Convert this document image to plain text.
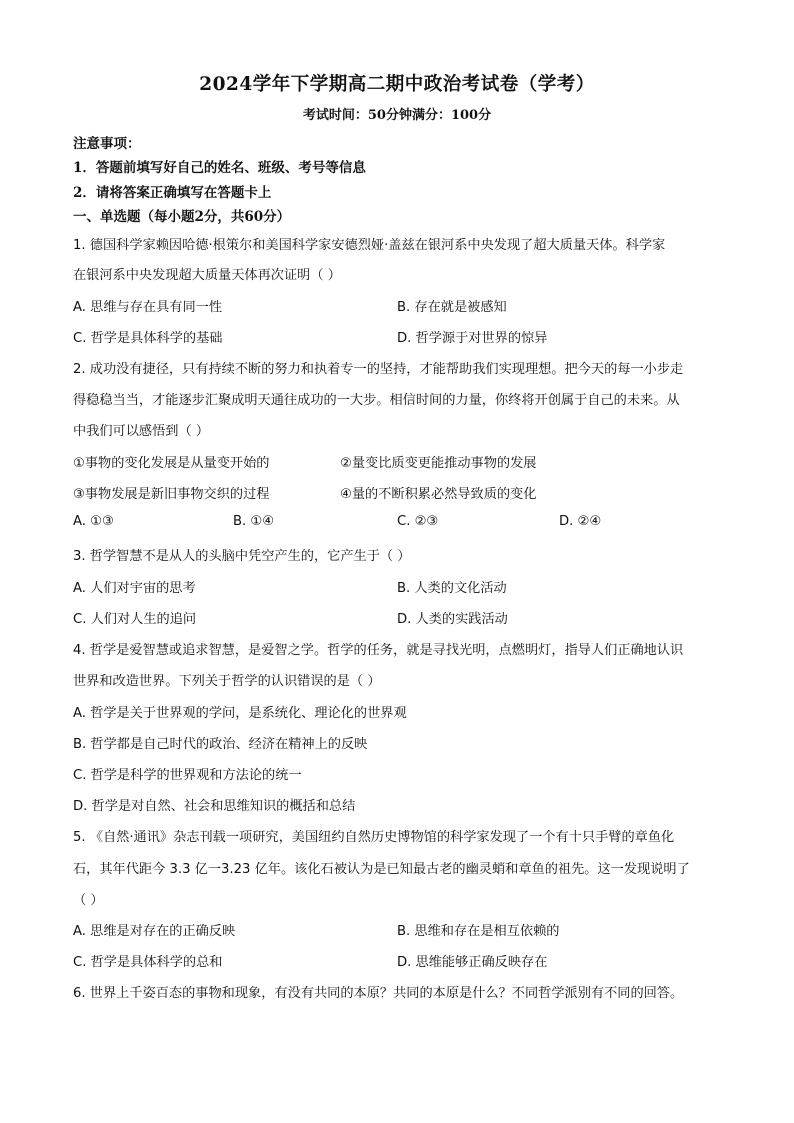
2024学年下学期高二期中政治考试卷（学考）
考试时间：50分钟满分：100分
注意事项：
1．答题前填写好自己的姓名、班级、考号等信息
2．请将答案正确填写在答题卡上
一、单选题（每小题2分，共60分）
1. 德国科学家赖因哈德·根策尔和美国科学家安德烈娅·盖兹在银河系中央发现了超大质量天体。科学家
在银河系中央发现超大质量天体再次证明（ ）
A. 思维与存在具有同一性	B. 存在就是被感知
C. 哲学是具体科学的基础	D. 哲学源于对世界的惊异
2. 成功没有捷径，只有持续不断的努力和执着专一的坚持，才能帮助我们实现理想。把今天的每一小步走
得稳稳当当，才能逐步汇聚成明天通往成功的一大步。相信时间的力量，你终将开创属于自己的未来。从
中我们可以感悟到（ ）
①事物的变化发展是从量变开始的	②量变比质变更能推动事物的发展
③事物发展是新旧事物交织的过程	④量的不断积累必然导致质的变化
A. ①③	B. ①④	C. ②③	D. ②④
3. 哲学智慧不是从人的头脑中凭空产生的，它产生于（ ）
A. 人们对宇宙的思考	B. 人类的文化活动
C. 人们对人生的追问	D. 人类的实践活动
4. 哲学是爱智慧或追求智慧，是爱智之学。哲学的任务，就是寻找光明，点燃明灯，指导人们正确地认识
世界和改造世界。下列关于哲学的认识错误的是（ ）
A. 哲学是关于世界观的学问，是系统化、理论化的世界观
B. 哲学都是自己时代的政治、经济在精神上的反映
C. 哲学是科学的世界观和方法论的统一
D. 哲学是对自然、社会和思维知识的概括和总结
5. 《自然·通讯》杂志刊载一项研究，美国纽约自然历史博物馆的科学家发现了一个有十只手臂的章鱼化
石，其年代距今 3.3 亿一3.23 亿年。该化石被认为是已知最古老的幽灵蛸和章鱼的祖先。这一发现说明了
（ ）
A. 思维是对存在的正确反映	B. 思维和存在是相互依赖的
C. 哲学是具体科学的总和	D. 思维能够正确反映存在
6. 世界上千姿百态的事物和现象，有没有共同的本原？共同的本原是什么？不同哲学派别有不同的回答。
